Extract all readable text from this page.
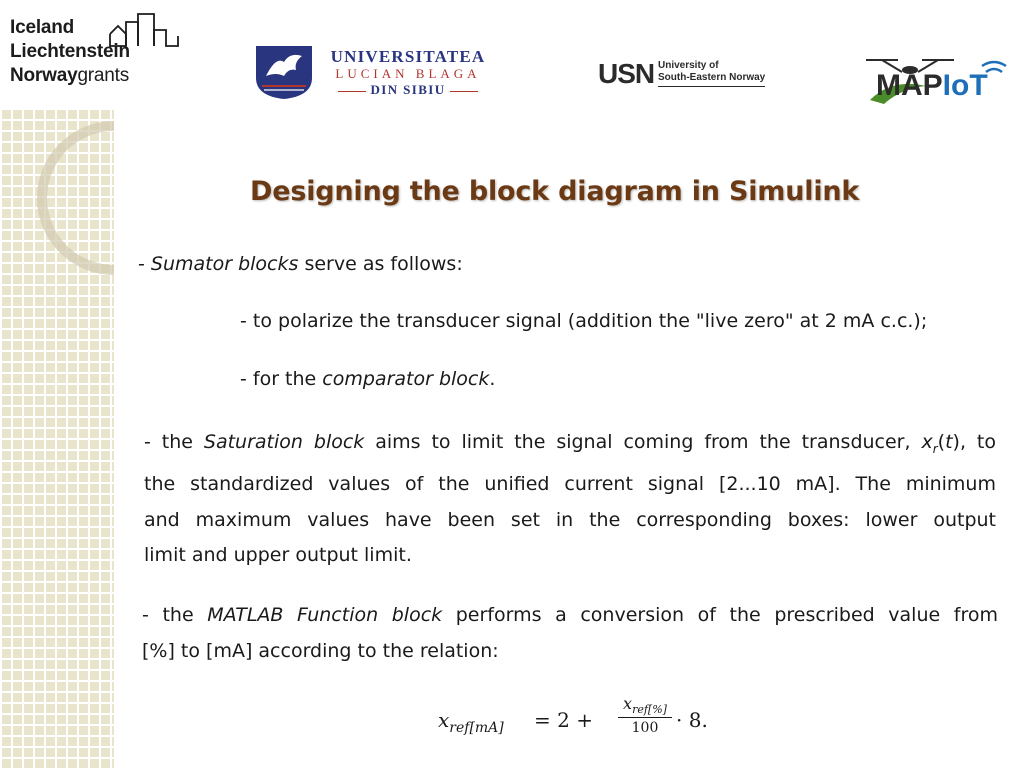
Iceland
Liechtenstein
Norwaygrants
UNIVERSITATEA
LUCIAN BLAGA
DIN SIBIU
USN University of
South-Eastern Norway	MAPIoT
Designing the block diagram in Simulink
- Sumator blocks serve as follows:
- to polarize the transducer signal (addition the "live zero" at 2 mA c.c.);
- for the comparator block.
- the Saturation block aims to limit the signal coming from the transducer, $x_r(t)$, to
the standardized values of the unified current signal [2...10 mA]. The minimum
and maximum values have been set in the corresponding boxes: lower output
limit and upper output limit.
- the MATLAB Function block performs a conversion of the prescribed value from
[%] to [mA] according to the relation:
$x_{ref[mA]} = 2$ +
$x_{ref[\%]}$
100 · 8.
